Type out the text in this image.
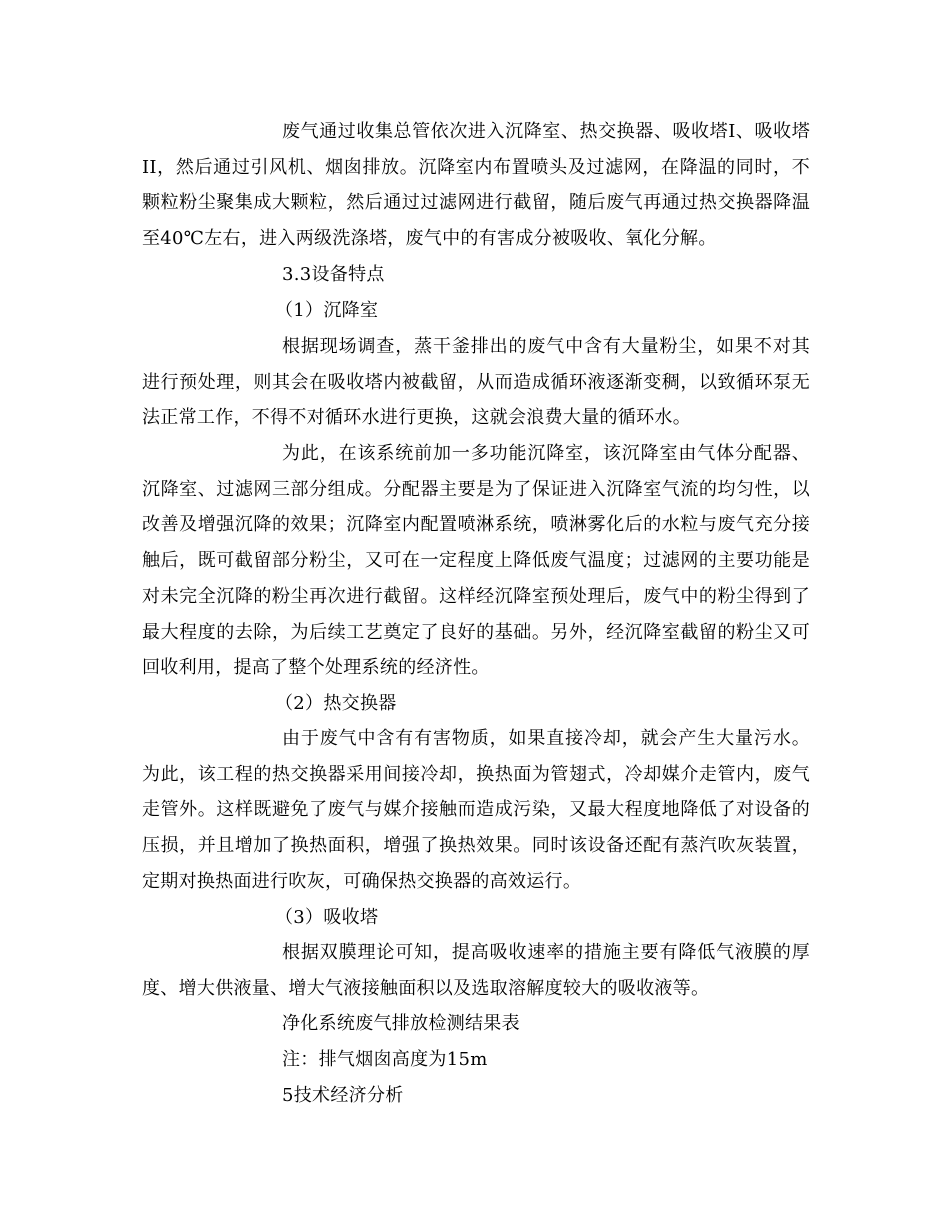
废气通过收集总管依次进入沉降室、热交换器、吸收塔I、吸收塔II，然后通过引风机、烟囱排放。沉降室内布置喷头及过滤网，在降温的同时，不颗粒粉尘聚集成大颗粒，然后通过过滤网进行截留，随后废气再通过热交换器降温至40℃左右，进入两级洗涤塔，废气中的有害成分被吸收、氧化分解。

3.3设备特点

（1）沉降室

根据现场调查，蒸干釜排出的废气中含有大量粉尘，如果不对其进行预处理，则其会在吸收塔内被截留，从而造成循环液逐渐变稠，以致循环泵无法正常工作，不得不对循环水进行更换，这就会浪费大量的循环水。

为此，在该系统前加一多功能沉降室，该沉降室由气体分配器、沉降室、过滤网三部分组成。分配器主要是为了保证进入沉降室气流的均匀性，以改善及增强沉降的效果；沉降室内配置喷淋系统，喷淋雾化后的水粒与废气充分接触后，既可截留部分粉尘，又可在一定程度上降低废气温度；过滤网的主要功能是对未完全沉降的粉尘再次进行截留。这样经沉降室预处理后，废气中的粉尘得到了最大程度的去除，为后续工艺奠定了良好的基础。另外，经沉降室截留的粉尘又可回收利用，提高了整个处理系统的经济性。

（2）热交换器

由于废气中含有有害物质，如果直接冷却，就会产生大量污水。为此，该工程的热交换器采用间接冷却，换热面为管翅式，冷却媒介走管内，废气走管外。这样既避免了废气与媒介接触而造成污染，又最大程度地降低了对设备的压损，并且增加了换热面积，增强了换热效果。同时该设备还配有蒸汽吹灰装置，定期对换热面进行吹灰，可确保热交换器的高效运行。

（3）吸收塔

根据双膜理论可知，提高吸收速率的措施主要有降低气液膜的厚度、增大供液量、增大气液接触面积以及选取溶解度较大的吸收液等。

净化系统废气排放检测结果表

注：排气烟囱高度为15m

5技术经济分析
